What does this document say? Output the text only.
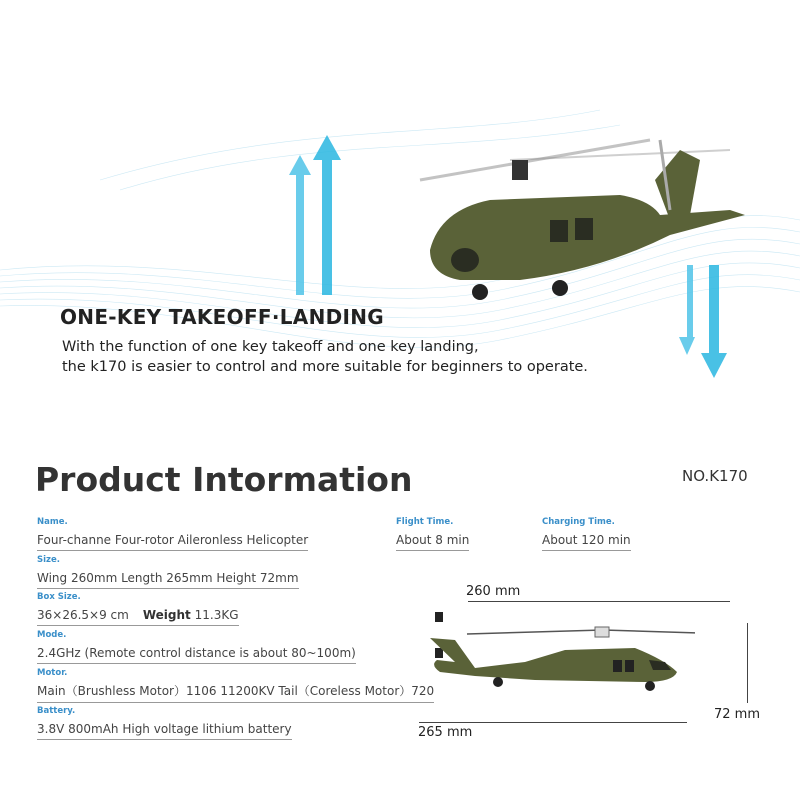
ONE-KEY TAKEOFF·LANDING
With the function of one key takeoff and one key landing,
the k170 is easier to control and more suitable for beginners to operate.
Product Intormation	NO.K170
Name.
Four-channe Four-rotor Aileronless Helicopter
Flight Time.
About 8 min
Charging Time.
About 120 min
Size.
Wing 260mm Length 265mm Height 72mm
Box Size.
36×26.5×9 cm Weight 11.3KG
Mode.
2.4GHz (Remote control distance is about 80~100m)
Motor.
Main（Brushless Motor）1106 11200KV Tail（Coreless Motor）720
Battery.
3.8V 800mAh High voltage lithium battery
260 mm
72 mm
265 mm
